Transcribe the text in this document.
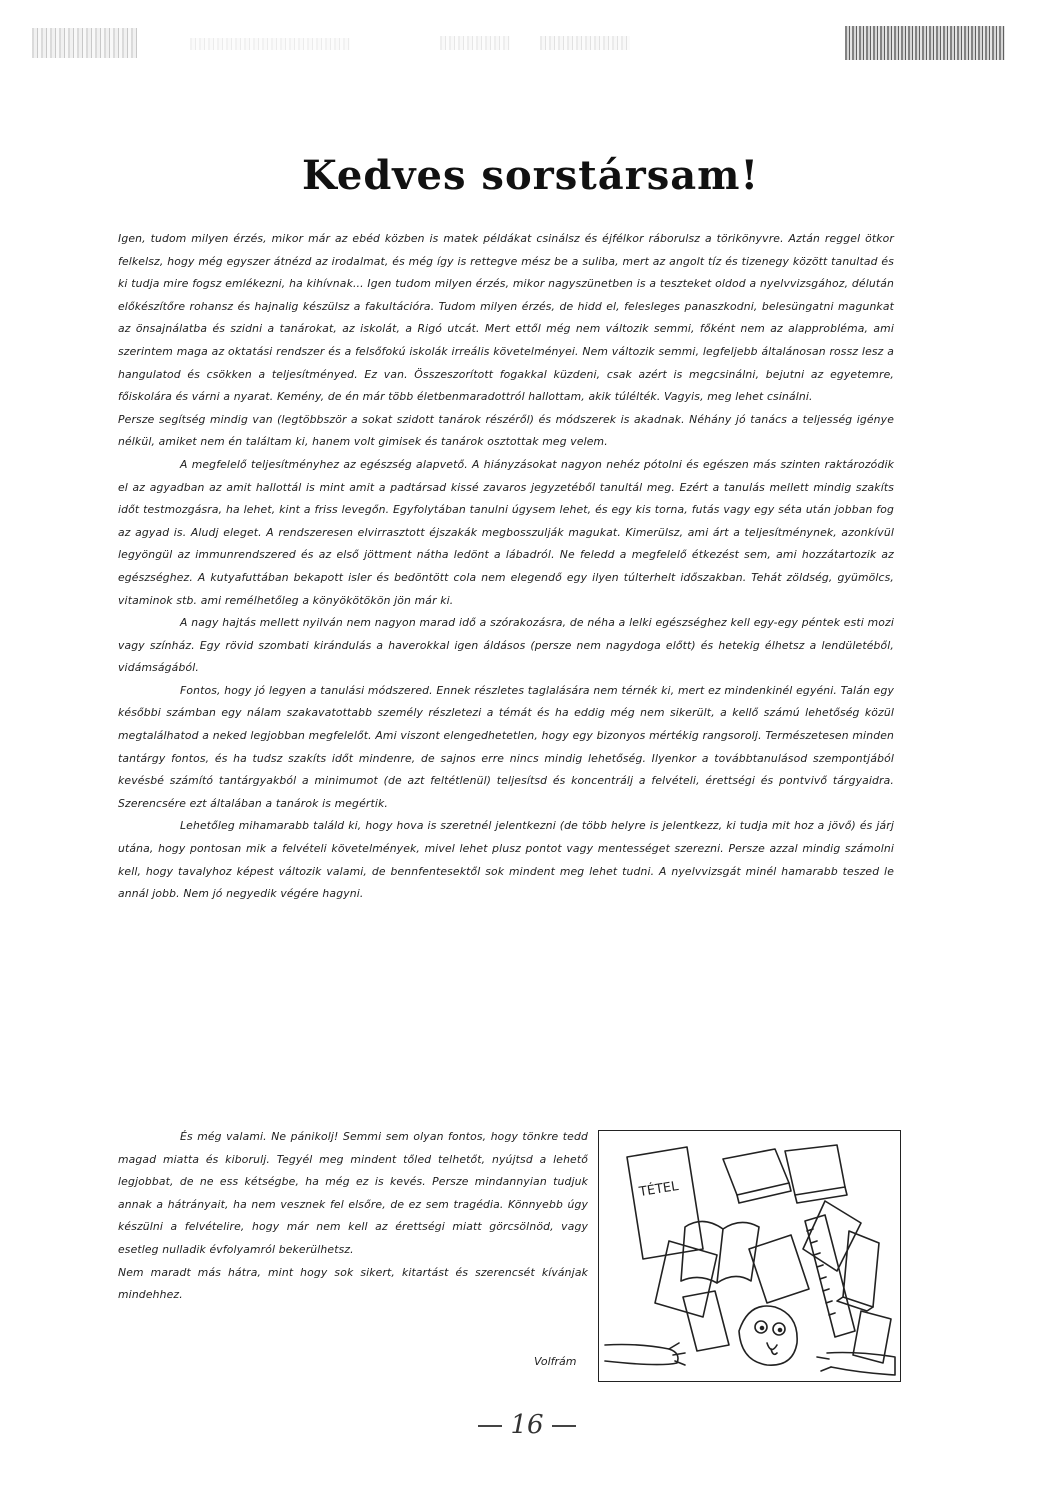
Kedves sorstársam!

Igen, tudom milyen érzés, mikor már az ebéd közben is matek példákat csinálsz és éjfélkor ráborulsz a törikönyvre. Aztán reggel ötkor felkelsz, hogy még egyszer átnézd az irodalmat, és még így is rettegve mész be a suliba, mert az angolt tíz és tizenegy között tanultad és ki tudja mire fogsz emlékezni, ha kihívnak... Igen tudom milyen érzés, mikor nagyszünetben is a teszteket oldod a nyelvvizsgához, délután előkészítőre rohansz és hajnalig készülsz a fakultációra. Tudom milyen érzés, de hidd el, felesleges panaszkodni, belesüngatni magunkat az önsajnálatba és szidni a tanárokat, az iskolát, a Rigó utcát. Mert ettől még nem változik semmi, főként nem az alapprobléma, ami szerintem maga az oktatási rendszer és a felsőfokú iskolák irreális követelményei. Nem változik semmi, legfeljebb általánosan rossz lesz a hangulatod és csökken a teljesítményed. Ez van. Összeszorított fogakkal küzdeni, csak azért is megcsinálni, bejutni az egyetemre, főiskolára és várni a nyarat. Kemény, de én már több életbenmaradottról hallottam, akik túlélték. Vagyis, meg lehet csinálni.

Persze segítség mindig van (legtöbbször a sokat szidott tanárok részéről) és módszerek is akadnak. Néhány jó tanács a teljesség igénye nélkül, amiket nem én találtam ki, hanem volt gimisek és tanárok osztottak meg velem.

A megfelelő teljesítményhez az egészség alapvető. A hiányzásokat nagyon nehéz pótolni és egészen más szinten raktározódik el az agyadban az amit hallottál is mint amit a padtársad kissé zavaros jegyzetéből tanultál meg. Ezért a tanulás mellett mindig szakíts időt testmozgásra, ha lehet, kint a friss levegőn. Egyfolytában tanulni úgysem lehet, és egy kis torna, futás vagy egy séta után jobban fog az agyad is. Aludj eleget. A rendszeresen elvirrasztott éjszakák megbosszulják magukat. Kimerülsz, ami árt a teljesítménynek, azonkívül legyöngül az immunrendszered és az első jöttment nátha ledönt a lábadról. Ne feledd a megfelelő étkezést sem, ami hozzátartozik az egészséghez. A kutyafuttában bekapott isler és bedöntött cola nem elegendő egy ilyen túlterhelt időszakban. Tehát zöldség, gyümölcs, vitaminok stb. ami remélhetőleg a könyökötökön jön már ki.

A nagy hajtás mellett nyilván nem nagyon marad idő a szórakozásra, de néha a lelki egészséghez kell egy-egy péntek esti mozi vagy színház. Egy rövid szombati kirándulás a haverokkal igen áldásos (persze nem nagydoga előtt) és hetekig élhetsz a lendületéből, vidámságából.

Fontos, hogy jó legyen a tanulási módszered. Ennek részletes taglalására nem térnék ki, mert ez mindenkinél egyéni. Talán egy későbbi számban egy nálam szakavatottabb személy részletezi a témát és ha eddig még nem sikerült, a kellő számú lehetőség közül megtalálhatod a neked legjobban megfelelőt. Ami viszont elengedhetetlen, hogy egy bizonyos mértékig rangsorolj. Természetesen minden tantárgy fontos, és ha tudsz szakíts időt mindenre, de sajnos erre nincs mindig lehetőség. Ilyenkor a továbbtanulásod szempontjából kevésbé számító tantárgyakból a minimumot (de azt feltétlenül) teljesítsd és koncentrálj a felvételi, érettségi és pontvivő tárgyaidra. Szerencsére ezt általában a tanárok is megértik.

Lehetőleg mihamarabb találd ki, hogy hova is szeretnél jelentkezni (de több helyre is jelentkezz, ki tudja mit hoz a jövő) és járj utána, hogy pontosan mik a felvételi követelmények, mivel lehet plusz pontot vagy mentességet szerezni. Persze azzal mindig számolni kell, hogy tavalyhoz képest változik valami, de bennfentesektől sok mindent meg lehet tudni. A nyelvvizsgát minél hamarabb teszed le annál jobb. Nem jó negyedik végére hagyni.

És még valami. Ne pánikolj! Semmi sem olyan fontos, hogy tönkre tedd magad miatta és kiborulj. Tegyél meg mindent tőled telhetőt, nyújtsd a lehető legjobbat, de ne ess kétségbe, ha még ez is kevés. Persze mindannyian tudjuk annak a hátrányait, ha nem vesznek fel elsőre, de ez sem tragédia. Könnyebb úgy készülni a felvételire, hogy már nem kell az érettségi miatt görcsölnöd, vagy esetleg nulladik évfolyamról bekerülhetsz.

Nem maradt más hátra, mint hogy sok sikert, kitartást és szerencsét kívánjak mindehhez.

Volfrám
TÉTEL
16
